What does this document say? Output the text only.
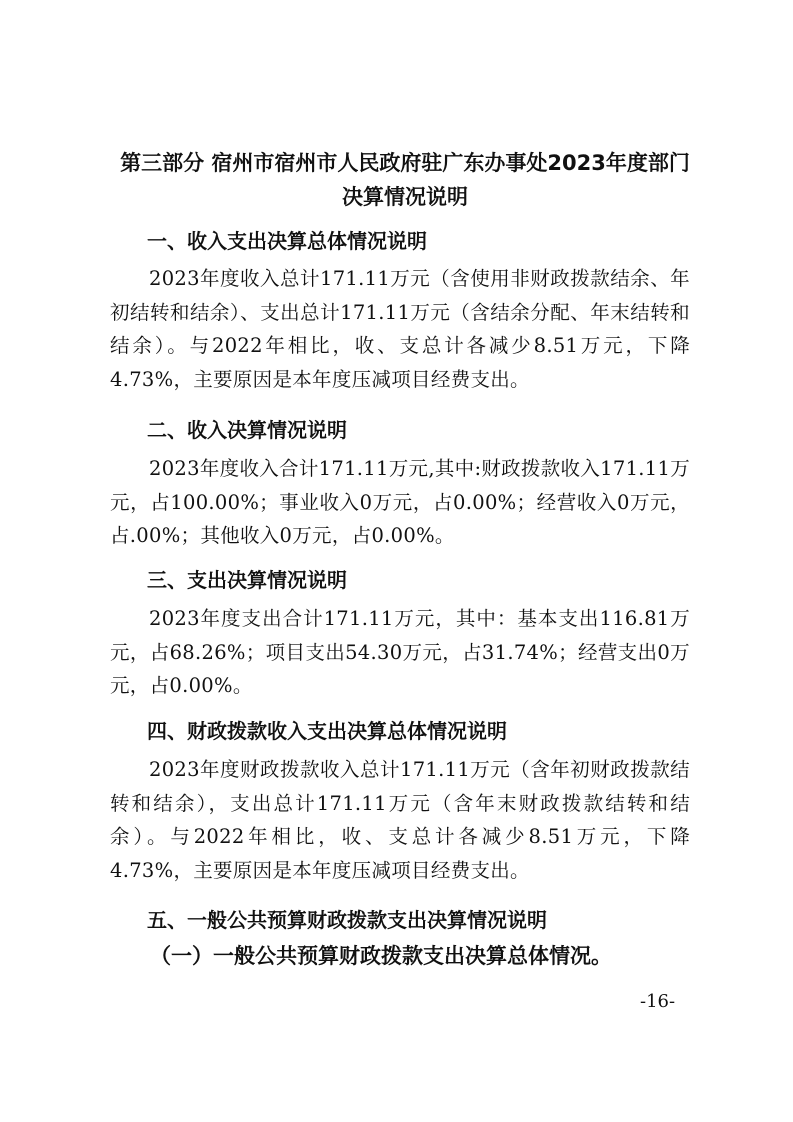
第三部分 宿州市宿州市人民政府驻广东办事处2023年度部门决算情况说明
一、收入支出决算总体情况说明
2023年度收入总计171.11万元（含使用非财政拨款结余、年初结转和结余）、支出总计171.11万元（含结余分配、年末结转和结余）。与2022年相比，收、支总计各减少8.51万元，下降4.73%，主要原因是本年度压减项目经费支出。
二、收入决算情况说明
2023年度收入合计171.11万元,其中:财政拨款收入171.11万元，占100.00%；事业收入0万元，占0.00%；经营收入0万元，占.00%；其他收入0万元，占0.00%。
三、支出决算情况说明
2023年度支出合计171.11万元，其中：基本支出116.81万元，占68.26%；项目支出54.30万元，占31.74%；经营支出0万元，占0.00%。
四、财政拨款收入支出决算总体情况说明
2023年度财政拨款收入总计171.11万元（含年初财政拨款结转和结余），支出总计171.11万元（含年末财政拨款结转和结余）。与2022年相比，收、支总计各减少8.51万元，下降4.73%，主要原因是本年度压减项目经费支出。
五、一般公共预算财政拨款支出决算情况说明
（一）一般公共预算财政拨款支出决算总体情况。
-16-
